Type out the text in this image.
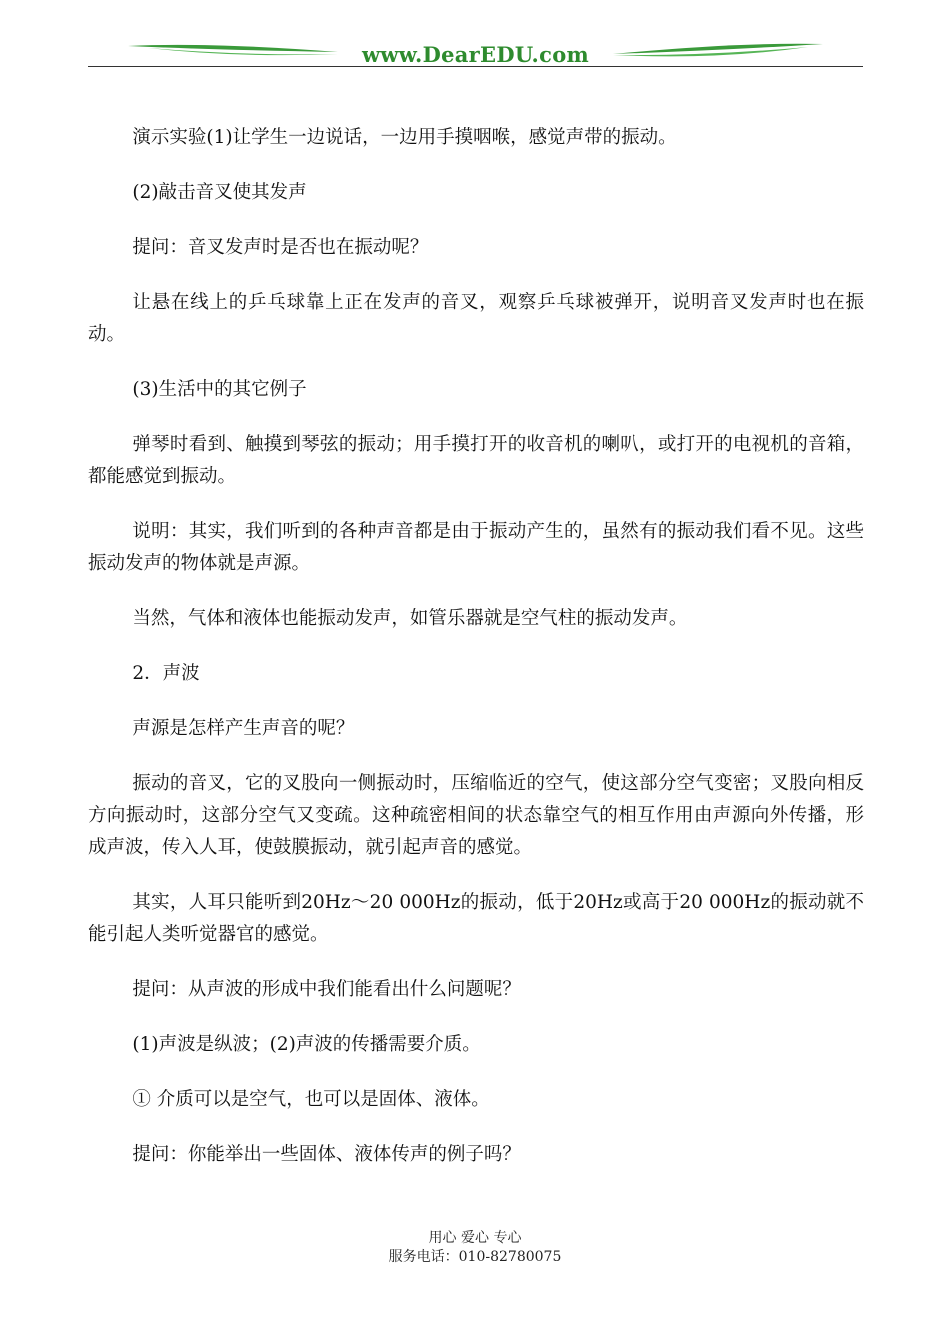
www.DearEDU.com

演示实验(1)让学生一边说话，一边用手摸咽喉，感觉声带的振动。

(2)敲击音叉使其发声

提问：音叉发声时是否也在振动呢？

让悬在线上的乒乓球靠上正在发声的音叉，观察乒乓球被弹开，说明音叉发声时也在振动。

(3)生活中的其它例子

弹琴时看到、触摸到琴弦的振动；用手摸打开的收音机的喇叭，或打开的电视机的音箱，都能感觉到振动。

说明：其实，我们听到的各种声音都是由于振动产生的，虽然有的振动我们看不见。这些振动发声的物体就是声源。

当然，气体和液体也能振动发声，如管乐器就是空气柱的振动发声。

2．声波

声源是怎样产生声音的呢？

振动的音叉，它的叉股向一侧振动时，压缩临近的空气，使这部分空气变密；叉股向相反方向振动时，这部分空气又变疏。这种疏密相间的状态靠空气的相互作用由声源向外传播，形成声波，传入人耳，使鼓膜振动，就引起声音的感觉。

其实，人耳只能听到20Hz～20 000Hz的振动，低于20Hz或高于20 000Hz的振动就不能引起人类听觉器官的感觉。

提问：从声波的形成中我们能看出什么问题呢？

(1)声波是纵波；(2)声波的传播需要介质。

① 介质可以是空气，也可以是固体、液体。

提问：你能举出一些固体、液体传声的例子吗？

用心 爱心 专心
服务电话：010-82780075
